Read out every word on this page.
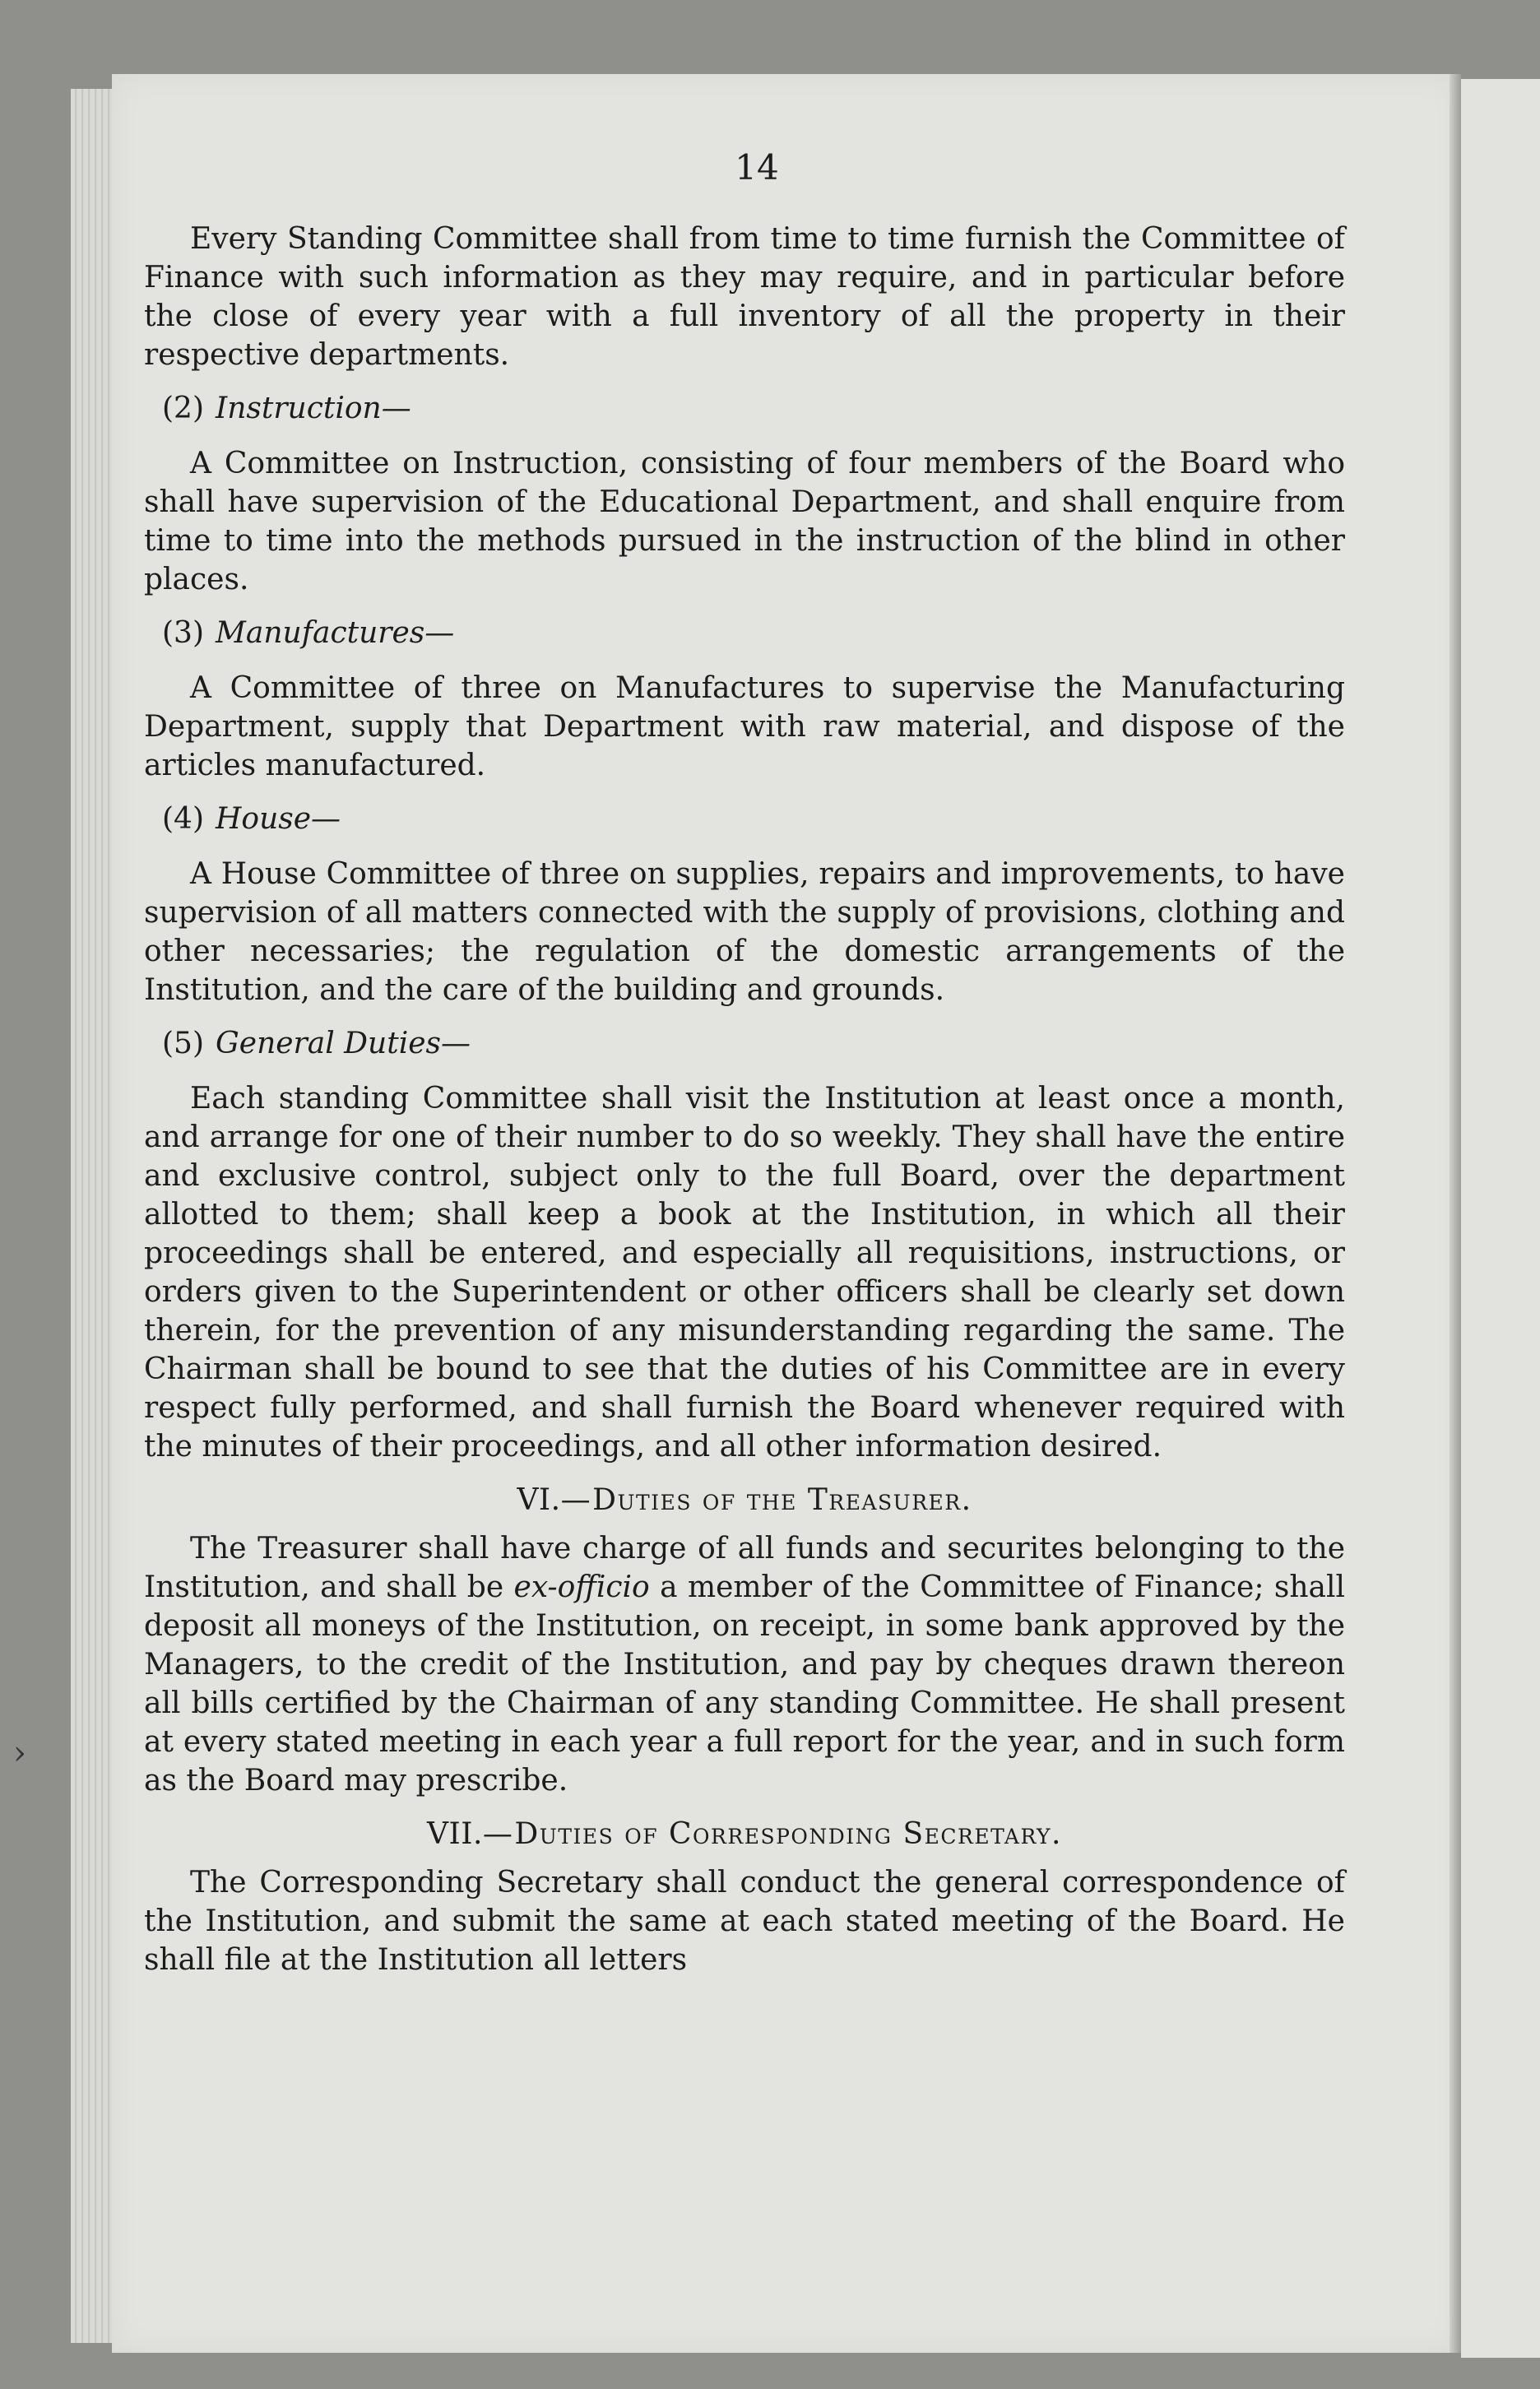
›
14

Every Standing Committee shall from time to time furnish the Committee of Finance with such information as they may require, and in particular before the close of every year with a full inventory of all the property in their respective departments.

(2) Instruction—

A Committee on Instruction, consisting of four members of the Board who shall have supervision of the Educational Department, and shall enquire from time to time into the methods pursued in the instruction of the blind in other places.

(3) Manufactures—

A Committee of three on Manufactures to supervise the Manufacturing Department, supply that Department with raw material, and dispose of the articles manufactured.

(4) House—

A House Committee of three on supplies, repairs and improvements, to have supervision of all matters connected with the supply of provisions, clothing and other necessaries; the regulation of the domestic arrangements of the Institution, and the care of the building and grounds.

(5) General Duties—

Each standing Committee shall visit the Institution at least once a month, and arrange for one of their number to do so weekly. They shall have the entire and exclusive control, subject only to the full Board, over the department allotted to them; shall keep a book at the Institution, in which all their proceedings shall be entered, and especially all requisitions, instructions, or orders given to the Superintendent or other officers shall be clearly set down therein, for the prevention of any misunderstanding regarding the same. The Chairman shall be bound to see that the duties of his Committee are in every respect fully performed, and shall furnish the Board whenever required with the minutes of their proceedings, and all other information desired.

VI.—Duties of the Treasurer.

The Treasurer shall have charge of all funds and securites belonging to the Institution, and shall be ex-officio a member of the Committee of Finance; shall deposit all moneys of the Institution, on receipt, in some bank approved by the Managers, to the credit of the Institution, and pay by cheques drawn thereon all bills certified by the Chairman of any standing Committee. He shall present at every stated meeting in each year a full report for the year, and in such form as the Board may prescribe.

VII.—Duties of Corresponding Secretary.

The Corresponding Secretary shall conduct the general correspondence of the Institution, and submit the same at each stated meeting of the Board. He shall file at the Institution all letters
